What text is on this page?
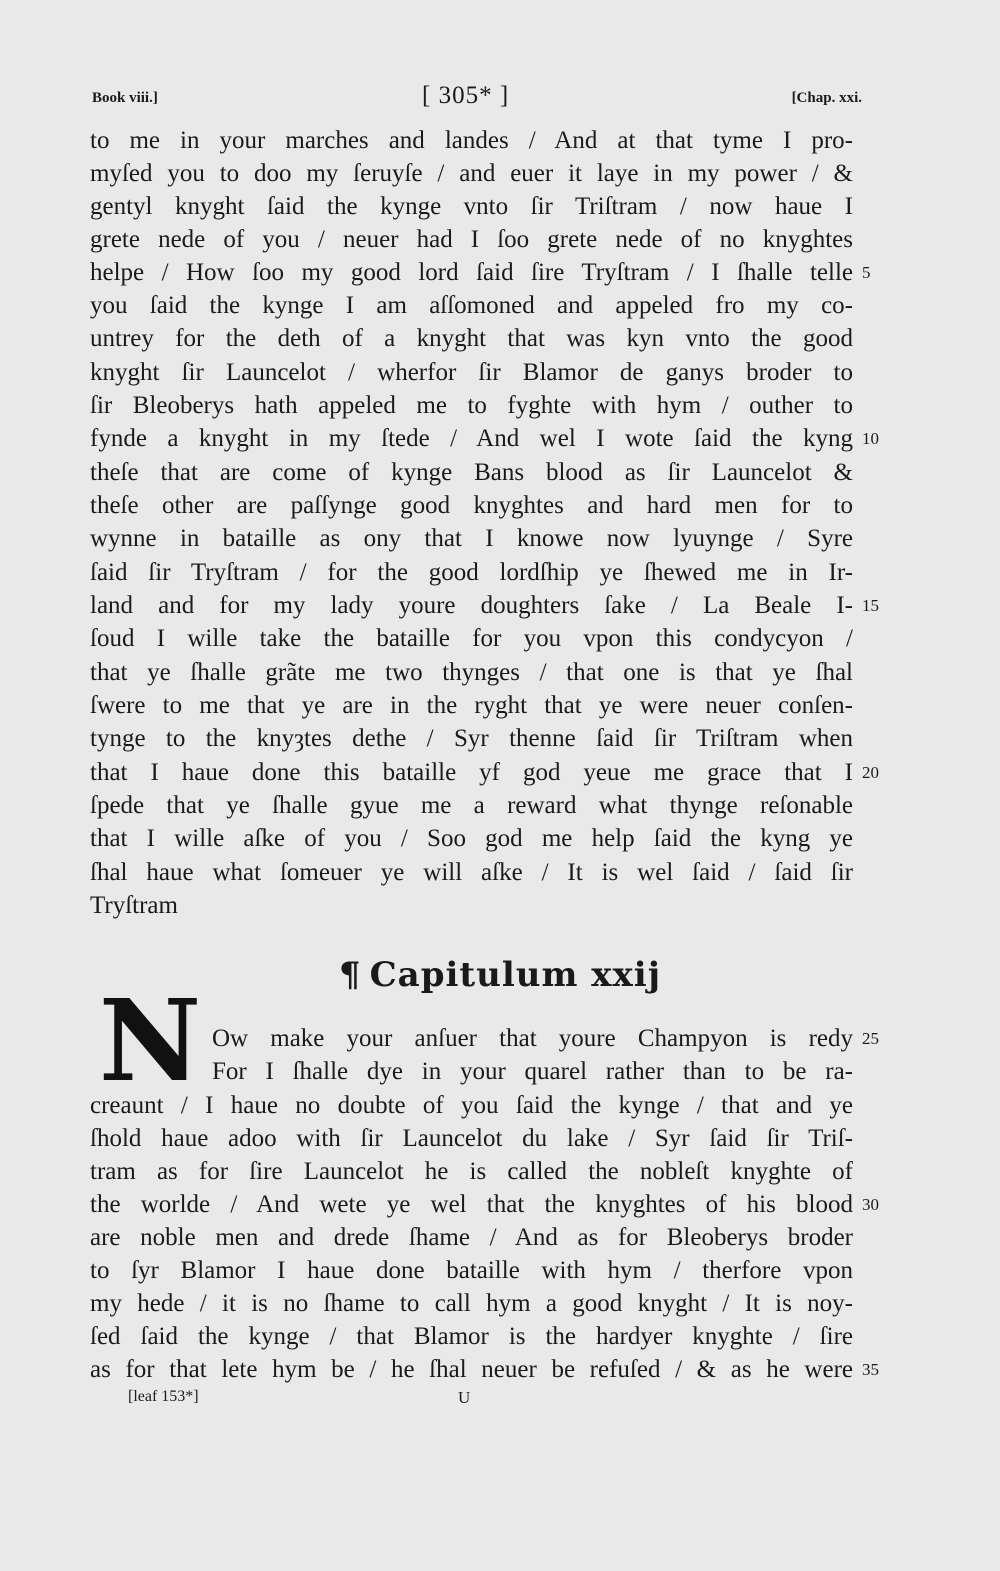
Book viii.]	[ 305* ]	[Chap. xxi.
to me in your marches and landes / And at that tyme I pro-
myſed you to doo my ſeruyſe / and euer it laye in my power / &
gentyl knyght ſaid the kynge vnto ſir Triſtram / now haue I
grete nede of you / neuer had I ſoo grete nede of no knyghtes
helpe / How ſoo my good lord ſaid ſire Tryſtram / I ſhalle telle
you ſaid the kynge I am aſſomoned and appeled fro my co-
untrey for the deth of a knyght that was kyn vnto the good
knyght ſir Launcelot / wherfor ſir Blamor de ganys broder to
ſir Bleoberys hath appeled me to fyghte with hym / outher to
fynde a knyght in my ſtede / And wel I wote ſaid the kyng
theſe that are come of kynge Bans blood as ſir Launcelot &
theſe other are paſſynge good knyghtes and hard men for to
wynne in bataille as ony that I knowe now lyuynge / Syre
ſaid ſir Tryſtram / for the good lordſhip ye ſhewed me in Ir-
land and for my lady youre doughters ſake / La Beale I-
ſoud I wille take the bataille for you vpon this condycyon /
that ye ſhalle grãte me two thynges / that one is that ye ſhal
ſwere to me that ye are in the ryght that ye were neuer conſen-
tynge to the knyȝtes dethe / Syr thenne ſaid ſir Triſtram when
that I haue done this bataille yf god yeue me grace that I
ſpede that ye ſhalle gyue me a reward what thynge reſonable
that I wille aſke of you / Soo god me help ſaid the kyng ye
ſhal haue what ſomeuer ye will aſke / It is wel ſaid / ſaid ſir
Tryſtram
¶ Capitulum xxij
N Ow make your anſuer that youre Champyon is redy
For I ſhalle dye in your quarel rather than to be ra-
creaunt / I haue no doubte of you ſaid the kynge / that and ye
ſhold haue adoo with ſir Launcelot du lake / Syr ſaid ſir Triſ-
tram as for ſire Launcelot he is called the nobleſt knyghte of
the worlde / And wete ye wel that the knyghtes of his blood
are noble men and drede ſhame / And as for Bleoberys broder
to ſyr Blamor I haue done bataille with hym / therfore vpon
my hede / it is no ſhame to call hym a good knyght / It is noy-
ſed ſaid the kynge / that Blamor is the hardyer knyghte / ſire
as for that lete hym be / he ſhal neuer be refuſed / & as he were
5
10
15
20
25
30
35
[leaf 153*]	U
